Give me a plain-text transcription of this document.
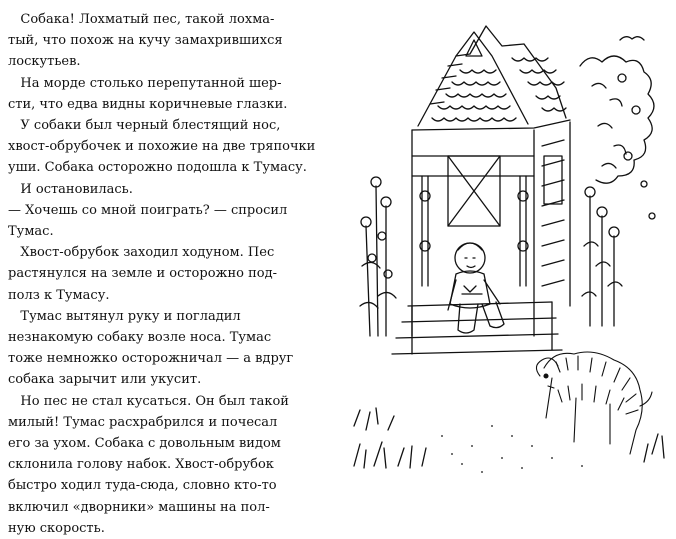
Собака! Лохматый пес, такой лохма-
тый, что похож на кучу замахрившихся
лоскутьев.
На морде столько перепутанной шер-
сти, что едва видны коричневые глазки.
У собаки был черный блестящий нос,
хвост-обрубочек и похожие на две тряпочки
уши. Собака осторожно подошла к Тумасу.
И остановилась.
— Хочешь со мной поиграть? — спросил
Тумас.
Хвост-обрубок заходил ходуном. Пес
растянулся на земле и осторожно под-
полз к Тумасу.
Тумас вытянул руку и погладил
незнакомую собаку возле носа. Тумас
тоже немножко осторожничал — а вдруг
собака зарычит или укусит.
Но пес не стал кусаться. Он был такой
милый! Тумас расхрабрился и почесал
его за ухом. Собака с довольным видом
склонила голову набок. Хвост-обрубок
быстро ходил туда-сюда, словно кто-то
включил «дворники» машины на пол-
ную скорость.
